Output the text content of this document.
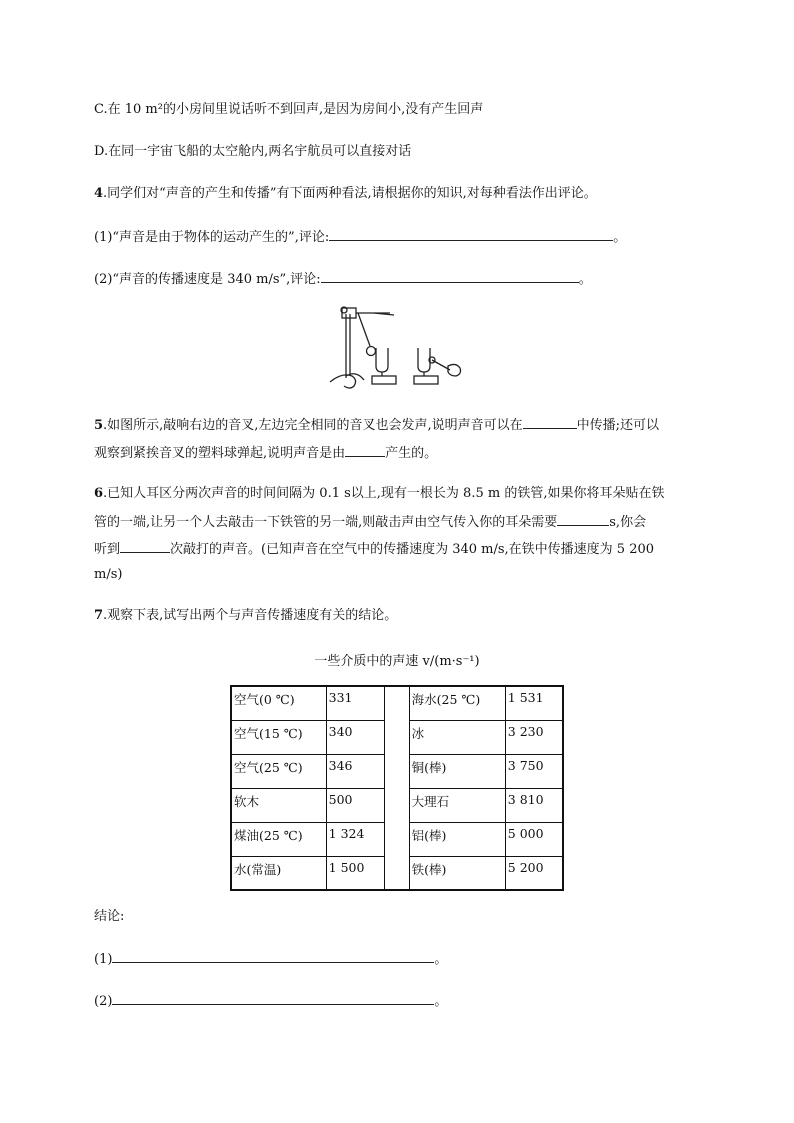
C.在 10 m²的小房间里说话听不到回声,是因为房间小,没有产生回声
D.在同一宇宙飞船的太空舱内,两名宇航员可以直接对话
4.同学们对“声音的产生和传播”有下面两种看法,请根据你的知识,对每种看法作出评论。
(1)“声音是由于物体的运动产生的”,评论:	。
(2)“声音的传播速度是 340 m/s”,评论:	。
5.如图所示,敲响右边的音叉,左边完全相同的音叉也会发声,说明声音可以在	中传播;还可以
观察到紧挨音叉的塑料球弹起,说明声音是由	产生的。
6.已知人耳区分两次声音的时间间隔为 0.1 s以上,现有一根长为 8.5 m 的铁管,如果你将耳朵贴在铁
管的一端,让另一个人去敲击一下铁管的另一端,则敲击声由空气传入你的耳朵需要	s,你会
听到	次敲打的声音。(已知声音在空气中的传播速度为 340 m/s,在铁中传播速度为 5 200
m/s)
7.观察下表,试写出两个与声音传播速度有关的结论。
一些介质中的声速 v/(m·s⁻¹)
空气(0 ℃)	331		海水(25 ℃)	1 531
空气(15 ℃)	340		冰	3 230
空气(25 ℃)	346		铜(棒)	3 750
软木	500		大理石	3 810
煤油(25 ℃)	1 324		铝(棒)	5 000
水(常温)	1 500		铁(棒)	5 200
结论:
(1)	。
(2)	。
